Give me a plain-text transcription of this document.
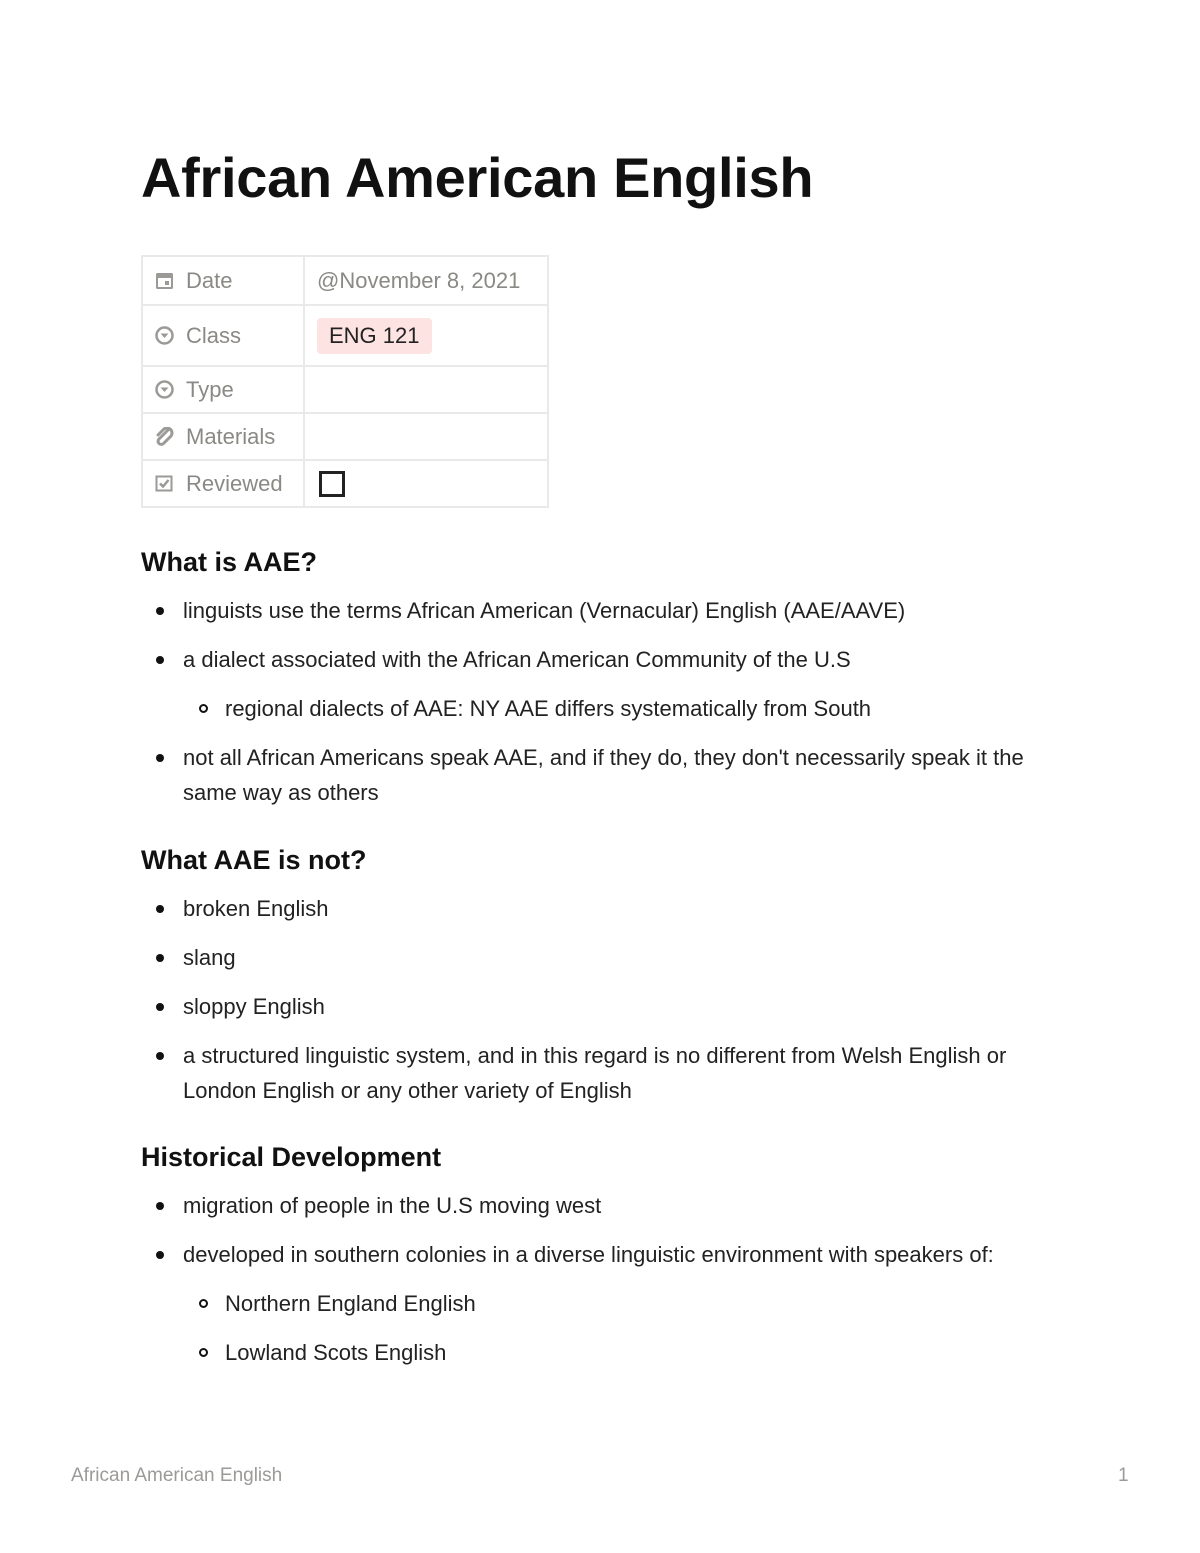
African American English
Date	@November 8, 2021

Class	ENG 121

Type	

Materials	

Reviewed	

What is AAE?
linguists use the terms African American (Vernacular) English (AAE/AAVE)
a dialect associated with the African American Community of the U.S
regional dialects of AAE: NY AAE differs systematically from South
not all African Americans speak AAE, and if they do, they don't necessarily speak it the same way as others
What AAE is not?
broken English
slang
sloppy English
a structured linguistic system, and in this regard is no different from Welsh English or London English or any other variety of English
Historical Development
migration of people in the U.S moving west
developed in southern colonies in a diverse linguistic environment with speakers of:
Northern England English
Lowland Scots English
African American English	1
